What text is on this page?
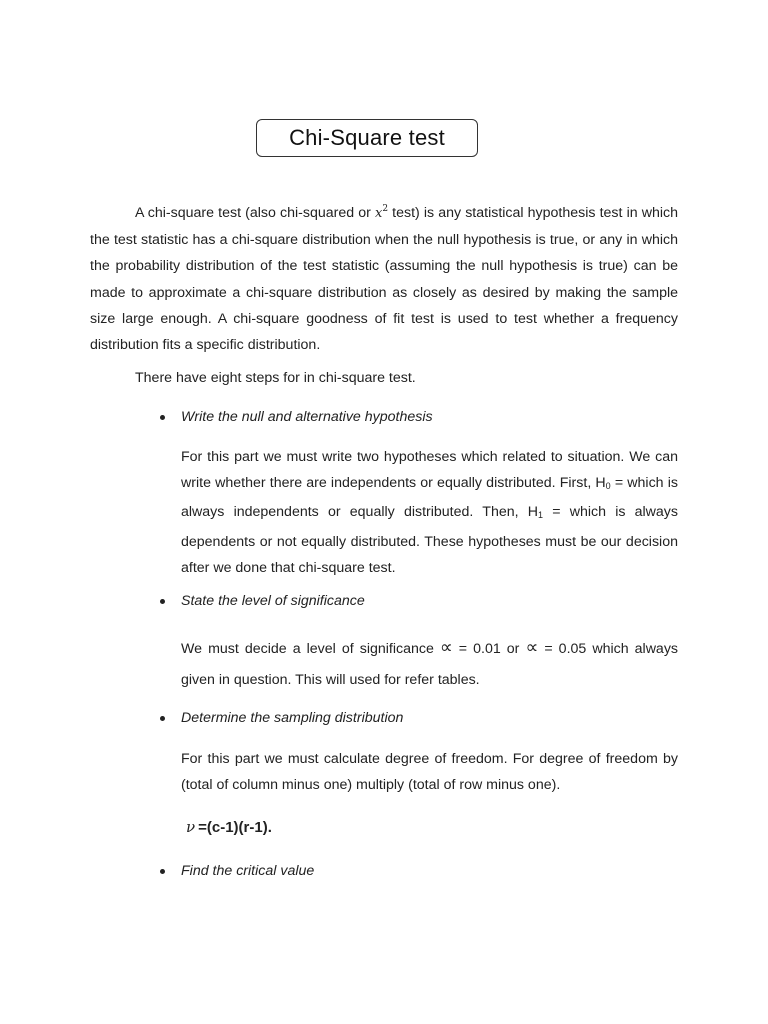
Chi-Square test

A chi-square test (also chi-squared or $x^2$ test) is any statistical hypothesis test in which the test statistic has a chi-square distribution when the null hypothesis is true, or any in which the probability distribution of the test statistic (assuming the null hypothesis is true) can be made to approximate a chi-square distribution as closely as desired by making the sample size large enough. A chi-square goodness of fit test is used to test whether a frequency distribution fits a specific distribution.

There have eight steps for in chi-square test.

Write the null and alternative hypothesis

For this part we must write two hypotheses which related to situation. We can write whether there are independents or equally distributed. First, $H_0$ = which is always independents or equally distributed. Then, $H_1$ = which is always dependents or not equally distributed. These hypotheses must be our decision after we done that chi-square test.

State the level of significance

We must decide a level of significance ∝ = 0.01 or ∝ = 0.05 which always given in question. This will used for refer tables.

Determine the sampling distribution

For this part we must calculate degree of freedom. For degree of freedom by (total of column minus one) multiply (total of row minus one).

ν =(c-1)(r-1).
Find the critical value
